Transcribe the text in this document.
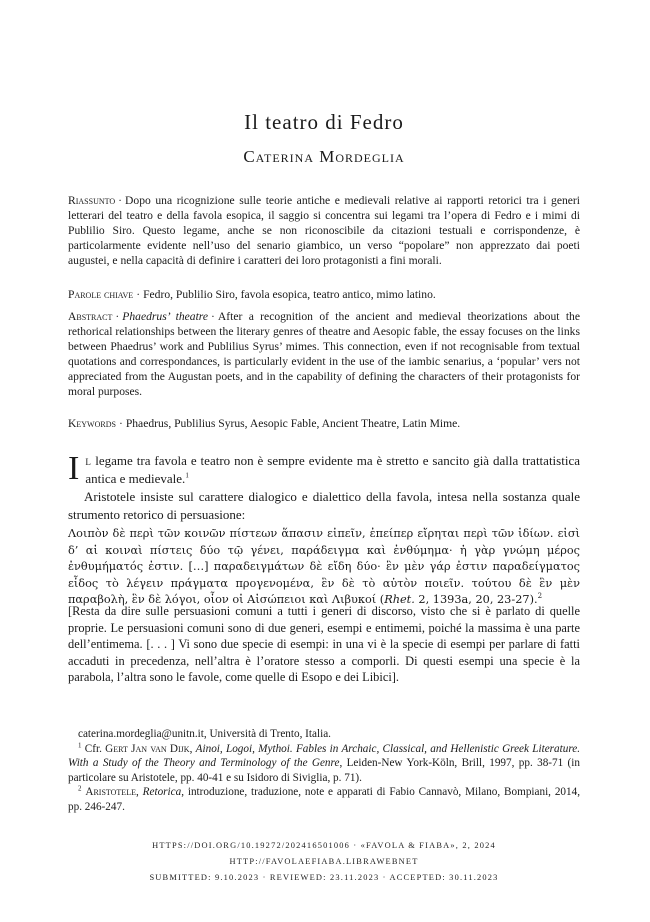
Il teatro di Fedro
Caterina Mordeglia
Riassunto · Dopo una ricognizione sulle teorie antiche e medievali relative ai rapporti retorici tra i generi letterari del teatro e della favola esopica, il saggio si concentra sui legami tra l’opera di Fedro e i mimi di Publilio Siro. Questo legame, anche se non riconoscibile da citazioni testuali e corrispondenze, è particolarmente evidente nell’uso del senario giambico, un verso “popolare” non apprezzato dai poeti augustei, e nella capacità di definire i caratteri dei loro protagonisti a fini morali.
Parole chiave · Fedro, Publilio Siro, favola esopica, teatro antico, mimo latino.
Abstract · Phaedrus’ theatre · After a recognition of the ancient and medieval theorizations about the rethorical relationships between the literary genres of theatre and Aesopic fable, the essay focuses on the links between Phaedrus’ work and Publilius Syrus’ mimes. This connection, even if not recognisable from textual quotations and correspondances, is particularly evident in the use of the iambic senarius, a ‘popular’ vers not appreciated from the Augustan poets, and in the capability of defining the characters of their protagonists for moral purposes.
Keywords · Phaedrus, Publilius Syrus, Aesopic Fable, Ancient Theatre, Latin Mime.
Il legame tra favola e teatro non è sempre evidente ma è stretto e sancito già dalla trattatistica antica e medievale.$^1$
Aristotele insiste sul carattere dialogico e dialettico della favola, intesa nella sostanza quale strumento retorico di persuasione:
Λοιπὸν δὲ περὶ τῶν κοινῶν πίστεων ἅπασιν εἰπεῖν, ἐπείπερ εἴρηται περὶ τῶν ἰδίων. εἰσὶ δ’ αἱ κοιναὶ πίστεις δύο τῷ γένει, παράδειγμα καὶ ἐνθύμημα· ἡ γὰρ γνώμη μέρος ἐνθυμήματός ἐστιν. […] παραδειγμάτων δὲ εἴδη δύο· ἓν μὲν γάρ ἐστιν παραδείγματος εἶδος τὸ λέγειν πράγματα προγενομένα, ἓν δὲ τὸ αὐτὸν ποιεῖν. τούτου δὲ ἓν μὲν παραβολὴ, ἓν δὲ λόγοι, οἷον οἱ Αἰσώπειοι καὶ Λιβυκοί (Rhet. 2, 1393a, 20, 23-27).$^2$
[Resta da dire sulle persuasioni comuni a tutti i generi di discorso, visto che si è parlato di quelle proprie. Le persuasioni comuni sono di due generi, esempi e entimemi, poiché la massima è una parte dell’entimema. [. . . ] Vi sono due specie di esempi: in una vi è la specie di esempi per parlare di fatti accaduti in precedenza, nell’altra è l’oratore stesso a comporli. Di questi esempi una specie è la parabola, l’altra sono le favole, come quelle di Esopo e dei Libici].
caterina.mordeglia@unitn.it, Università di Trento, Italia.
$^1$ Cfr. Gert Jan van Dijk, Ainoi, Logoi, Mythoi. Fables in Archaic, Classical, and Hellenistic Greek Literature. With a Study of the Theory and Terminology of the Genre, Leiden-New York-Köln, Brill, 1997, pp. 38-71 (in particolare su Aristotele, pp. 40-41 e su Isidoro di Siviglia, p. 71).
$^2$ Aristotele, Retorica, introduzione, traduzione, note e apparati di Fabio Cannavò, Milano, Bompiani, 2014, pp. 246-247.
HTTPS://DOI.ORG/10.19272/202416501006 · «FAVOLA & FIABA», 2, 2024
HTTP://FAVOLAEFIABA.LIBRAWEBNET
SUBMITTED: 9.10.2023 · REVIEWED: 23.11.2023 · ACCEPTED: 30.11.2023
